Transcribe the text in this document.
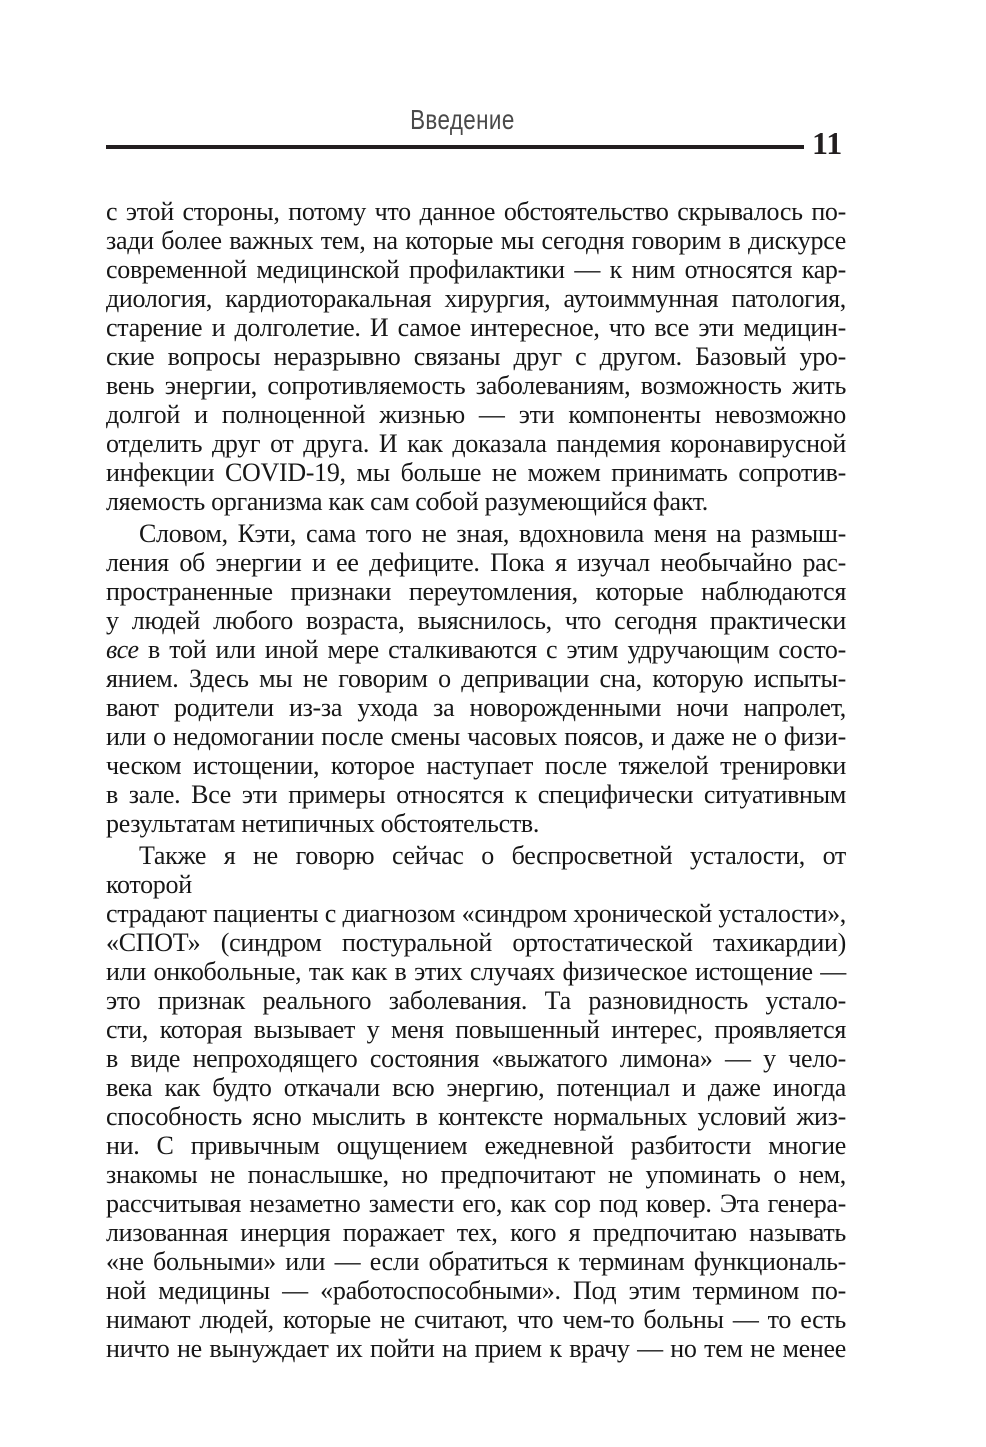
Введение
11
с этой стороны, потому что данное обстоятельство скрывалось по-
зади более важных тем, на которые мы сегодня говорим в дискурсе
современной медицинской профилактики — к ним относятся кар-
диология, кардиоторакальная хирургия, аутоиммунная патология,
старение и долголетие. И самое интересное, что все эти медицин-
ские вопросы неразрывно связаны друг с другом. Базовый уро-
вень энергии, сопротивляемость заболеваниям, возможность жить
долгой и полноценной жизнью — эти компоненты невозможно
отделить друг от друга. И как доказала пандемия коронавирусной
инфекции COVID-19, мы больше не можем принимать сопротив-
ляемость организма как сам собой разумеющийся факт.
Словом, Кэти, сама того не зная, вдохновила меня на размыш-
ления об энергии и ее дефиците. Пока я изучал необычайно рас-
пространенные признаки переутомления, которые наблюдаются
у людей любого возраста, выяснилось, что сегодня практически
все в той или иной мере сталкиваются с этим удручающим состо-
янием. Здесь мы не говорим о депривации сна, которую испыты-
вают родители из-за ухода за новорожденными ночи напролет,
или о недомогании после смены часовых поясов, и даже не о физи-
ческом истощении, которое наступает после тяжелой тренировки
в зале. Все эти примеры относятся к специфически ситуативным
результатам нетипичных обстоятельств.
Также я не говорю сейчас о беспросветной усталости, от которой
страдают пациенты с диагнозом «синдром хронической усталости»,
«СПОТ» (синдром постуральной ортостатической тахикардии)
или онкобольные, так как в этих случаях физическое истощение —
это признак реального заболевания. Та разновидность устало-
сти, которая вызывает у меня повышенный интерес, проявляется
в виде непроходящего состояния «выжатого лимона» — у чело-
века как будто откачали всю энергию, потенциал и даже иногда
способность ясно мыслить в контексте нормальных условий жиз-
ни. С привычным ощущением ежедневной разбитости многие
знакомы не понаслышке, но предпочитают не упоминать о нем,
рассчитывая незаметно замести его, как сор под ковер. Эта генера-
лизованная инерция поражает тех, кого я предпочитаю называть
«не больными» или — если обратиться к терминам функциональ-
ной медицины — «работоспособными». Под этим термином по-
нимают людей, которые не считают, что чем-то больны — то есть
ничто не вынуждает их пойти на прием к врачу — но тем не менее
